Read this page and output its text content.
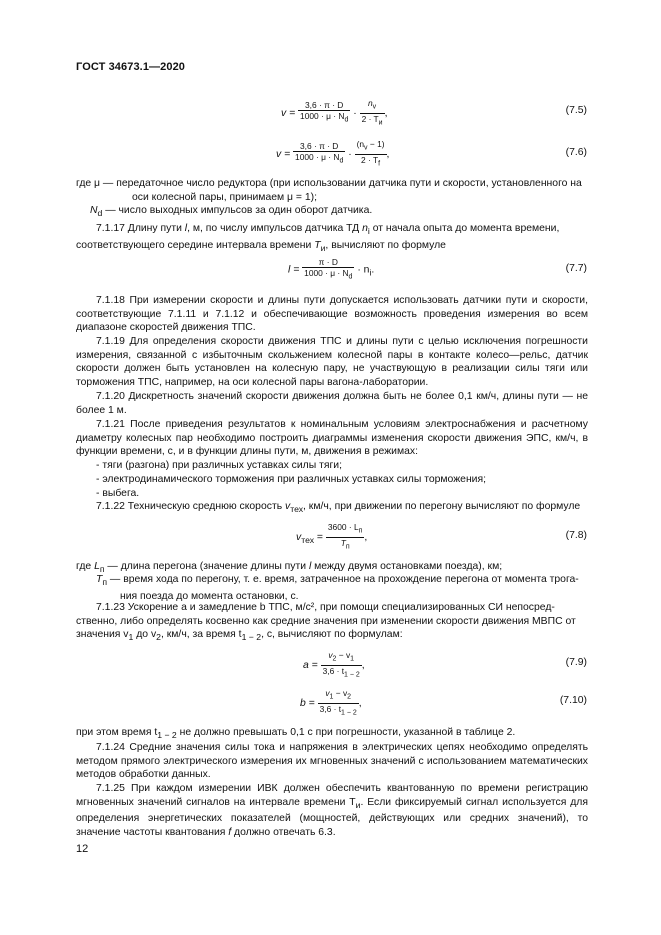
ГОСТ 34673.1—2020
$v = \frac{3,6 \cdot \pi \cdot D}{1000 \cdot \mu \cdot N_d} \cdot \frac{n_v}{2 \cdot T_и}$ ,	(7.5)
$v = \frac{3,6 \cdot \pi \cdot D}{1000 \cdot \mu \cdot N_d} \cdot \frac{(n_v - 1)}{2 \cdot T_f}$ ,	(7.6)
где μ — передаточное число редуктора (при использовании датчика пути и скорости, установленного на
оси колесной пары, принимаем μ = 1);
$N_d$ — число выходных импульсов за один оборот датчика.
7.1.17 Длину пути l, м, по числу импульсов датчика ТД $n_i$ от начала опыта до момента времени,
соответствующего середине интервала времени $T_и$, вычисляют по формуле
$l = \frac{\pi \cdot D}{1000 \cdot \mu \cdot N_d} \cdot n_i$.	(7.7)
7.1.18 При измерении скорости и длины пути допускается использовать датчики пути и скорости, соответствующие 7.1.11 и 7.1.12 и обеспечивающие возможность проведения измерения во всем диапазоне скоростей движения ТПС.
7.1.19 Для определения скорости движения ТПС и длины пути с целью исключения погрешности измерения, связанной с избыточным скольжением колесной пары в контакте колесо—рельс, датчик скорости должен быть установлен на колесную пару, не участвующую в реализации силы тяги или торможения ТПС, например, на оси колесной пары вагона-лаборатории.
7.1.20 Дискретность значений скорости движения должна быть не более 0,1 км/ч, длины пути — не более 1 м.
7.1.21 После приведения результатов к номинальным условиям электроснабжения и расчетному диаметру колесных пар необходимо построить диаграммы изменения скорости движения ЭПС, км/ч, в функции времени, с, и в функции длины пути, м, движения в режимах:
- тяги (разгона) при различных уставках силы тяги;
- электродинамического торможения при различных уставках силы торможения;
- выбега.
7.1.22 Техническую среднюю скорость $v_{тех}$, км/ч, при движении по перегону вычисляют по формуле
$v_{тех} = \frac{3600 \cdot L_п}{T_п}$ ,	(7.8)
где $L_п$ — длина перегона (значение длины пути l между двумя остановками поезда), км;
$T_п$ — время хода по перегону, т. е. время, затраченное на прохождение перегона от момента трога-
ния поезда до момента остановки, с.
7.1.23 Ускорение a и замедление b ТПС, м/с², при помощи специализированных СИ непосред-
ственно, либо определять косвенно как средние значения при изменении скорости движения МВПС от
значения $v_1$ до $v_2$, км/ч, за время $t_{1 - 2}$, с, вычисляют по формулам:
$a = \frac{v_2 - v_1}{3,6 \cdot t_{1 - 2}}$ ,	(7.9)
$b = \frac{v_1 - v_2}{3,6 \cdot t_{1 - 2}}$ ,	(7.10)
при этом время $t_{1 - 2}$ не должно превышать 0,1 с при погрешности, указанной в таблице 2.
7.1.24 Средние значения силы тока и напряжения в электрических цепях необходимо определять методом прямого электрического измерения их мгновенных значений с использованием математических методов обработки данных.
7.1.25 При каждом измерении ИВК должен обеспечить квантованную по времени регистрацию мгновенных значений сигналов на интервале времени $T_и$. Если фиксируемый сигнал используется для определения энергетических показателей (мощностей, действующих или средних значений), то значение частоты квантования f должно отвечать 6.3.
12
